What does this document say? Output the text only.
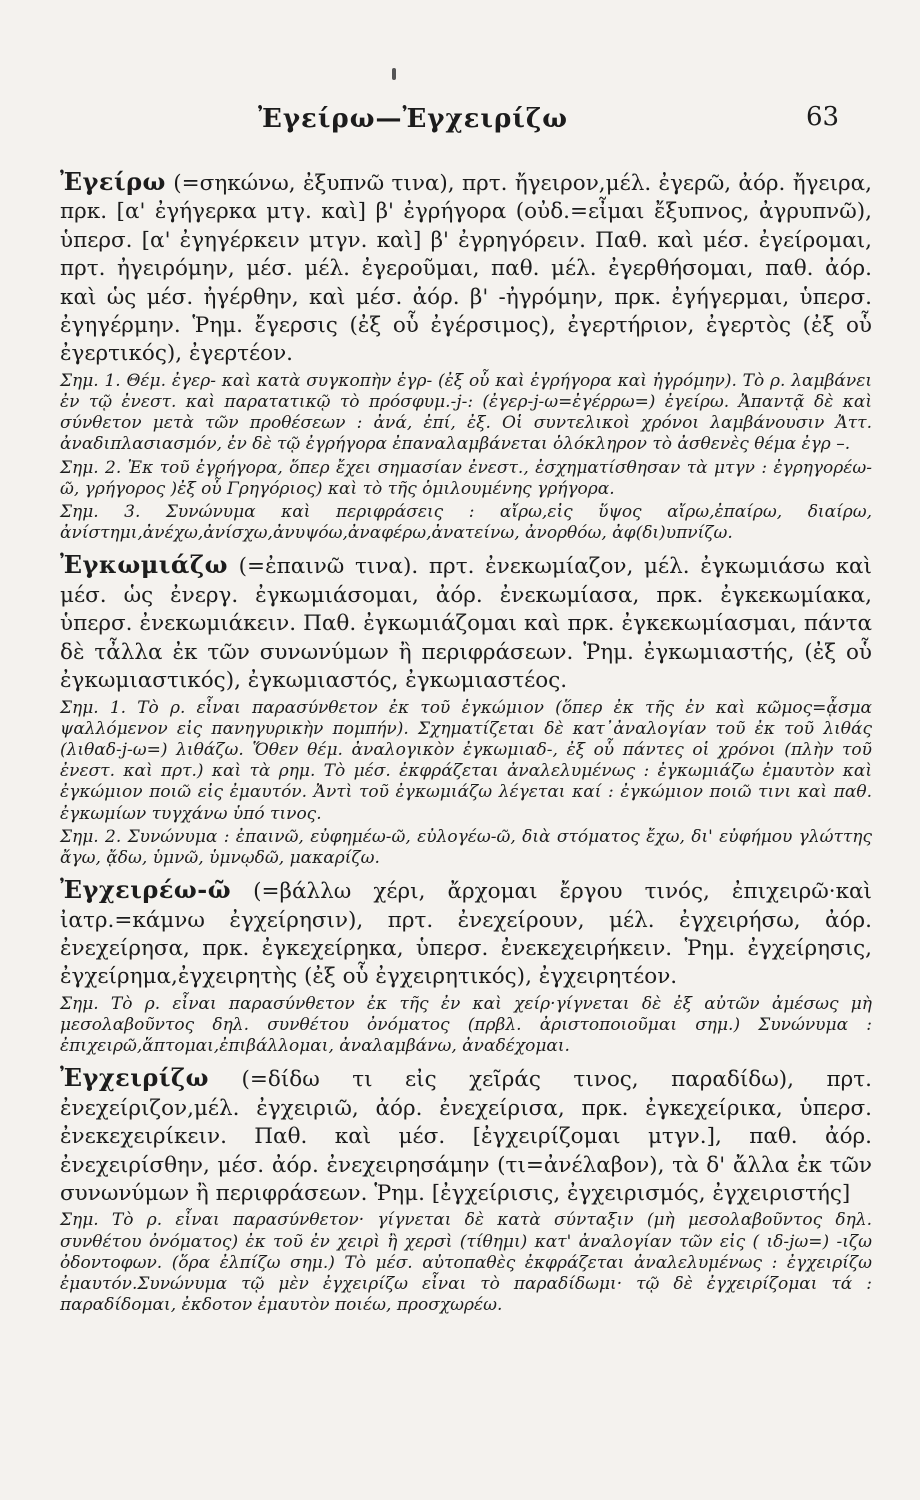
Ἐγείρω—Ἐγχειρίζω	63
Ἐγείρω (=σηκώνω, ἐξυπνῶ τινα), πρτ. ἤγειρον,μέλ. ἐγερῶ, ἀόρ. ἤγειρα, πρκ. [α' ἐγήγερκα μτγ. καὶ] β' ἐγρήγορα (οὐδ.=εἶμαι ἔξυπνος, ἀγρυπνῶ), ὑπερσ. [α' ἐγηγέρκειν μτγν. καὶ] β' ἐγρηγόρειν. Παθ. καὶ μέσ. ἐγείρομαι, πρτ. ἠγειρόμην, μέσ. μέλ. ἐγεροῦμαι, παθ. μέλ. ἐγερθήσομαι, παθ. ἀόρ. καὶ ὡς μέσ. ἠγέρθην, καὶ μέσ. ἀόρ. β' -ἠγρόμην, πρκ. ἐγήγερμαι, ὑπερσ. ἐγηγέρμην. Ῥημ. ἔγερσις (ἐξ οὗ ἐγέρσιμος), ἐγερτήριον, ἐγερτὸς (ἐξ οὗ ἐγερτικός), ἐγερτέον.
Σημ. 1. Θέμ. ἐγερ- καὶ κατὰ συγκοπὴν ἐγρ- (ἐξ οὗ καὶ ἐγρήγορα καὶ ἠγρόμην). Τὸ ρ. λαμβάνει ἐν τῷ ἐνεστ. καὶ παρατατικῷ τὸ πρόσφυμ.-j-: (ἐγερ-j-ω=ἐγέρρω=) ἐγείρω. Ἀπαντᾷ δὲ καὶ σύνθετον μετὰ τῶν προθέσεων : ἀνά, ἐπί, ἐξ. Οἱ συντελικοὶ χρόνοι λαμβάνουσιν Ἀττ. ἀναδιπλασιασμόν, ἐν δὲ τῷ ἐγρήγορα ἐπαναλαμβάνεται ὁλόκληρον τὸ ἀσθενὲς θέμα ἐγρ –.
Σημ. 2. Ἐκ τοῦ ἐγρήγορα, ὅπερ ἔχει σημασίαν ἐνεστ., ἐσχηματίσθησαν τὰ μτγν : ἐγρηγορέω-ῶ, γρήγορος )ἐξ οὗ Γρηγόριος) καὶ τὸ τῆς ὁμιλουμένης γρήγορα.
Σημ. 3. Συνώνυμα καὶ περιφράσεις : αἴρω,εἰς ὕψος αἴρω,ἐπαίρω, διαίρω, ἀνίστημι,ἀνέχω,ἀνίσχω,ἀνυψόω,ἀναφέρω,ἀνατείνω, ἀνορθόω, ἀφ(δι)υπνίζω.
Ἐγκωμιάζω (=ἐπαινῶ τινα). πρτ. ἐνεκωμίαζον, μέλ. ἐγκωμιάσω καὶ μέσ. ὡς ἐνεργ. ἐγκωμιάσομαι, ἀόρ. ἐνεκωμίασα, πρκ. ἐγκεκωμίακα, ὑπερσ. ἐνεκωμιάκειν. Παθ. ἐγκωμιάζομαι καὶ πρκ. ἐγκεκωμίασμαι, πάντα δὲ τἆλλα ἐκ τῶν συνωνύμων ἢ περιφράσεων. Ῥημ. ἐγκωμιαστής, (ἐξ οὗ ἐγκωμιαστικός), ἐγκωμιαστός, ἐγκωμιαστέος.
Σημ. 1. Τὸ ρ. εἶναι παρασύνθετον ἐκ τοῦ ἐγκώμιον (ὅπερ ἐκ τῆς ἐν καὶ κῶμος=ᾆσμα ψαλλόμενον εἰς πανηγυρικὴν πομπήν). Σχηματίζεται δὲ κατ᾽ἀναλογίαν τοῦ ἐκ τοῦ λιθάς (λιθαδ-j-ω=) λιθάζω. Ὅθεν θέμ. ἀναλογικὸν ἐγκωμιαδ-, ἐξ οὗ πάντες οἱ χρόνοι (πλὴν τοῦ ἐνεστ. καὶ πρτ.) καὶ τὰ ρημ. Τὸ μέσ. ἐκφράζεται ἀναλελυμένως : ἐγκωμιάζω ἐμαυτὸν καὶ ἐγκώμιον ποιῶ εἰς ἐμαυτόν. Ἀντὶ τοῦ ἐγκωμιάζω λέγεται καί : ἐγκώμιον ποιῶ τινι καὶ παθ. ἐγκωμίων τυγχάνω ὑπό τινος.
Σημ. 2. Συνώνυμα : ἐπαινῶ, εὐφημέω-ῶ, εὐλογέω-ῶ, διὰ στόματος ἔχω, δι' εὐφήμου γλώττης ἄγω, ᾄδω, ὑμνῶ, ὑμνῳδῶ, μακαρίζω.
Ἐγχειρέω-ῶ (=βάλλω χέρι, ἄρχομαι ἔργου τινός, ἐπιχειρῶ·καὶ ἰατρ.=κάμνω ἐγχείρησιν), πρτ. ἐνεχείρουν, μέλ. ἐγχειρήσω, ἀόρ. ἐνεχείρησα, πρκ. ἐγκεχείρηκα, ὑπερσ. ἐνεκεχειρήκειν. Ῥημ. ἐγχείρησις, ἐγχείρημα,ἐγχειρητὴς (ἐξ οὗ ἐγχειρητικός), ἐγχειρητέον.
Σημ. Τὸ ρ. εἶναι παρασύνθετον ἐκ τῆς ἐν καὶ χείρ·γίγνεται δὲ ἐξ αὐτῶν ἀμέσως μὴ μεσολαβοῦντος δηλ. συνθέτου ὀνόματος (πρβλ. ἀριστοποιοῦμαι σημ.) Συνώνυμα : ἐπιχειρῶ,ἅπτομαι,ἐπιβάλλομαι, ἀναλαμβάνω, ἀναδέχομαι.
Ἐγχειρίζω (=δίδω τι εἰς χεῖράς τινος, παραδίδω), πρτ. ἐνεχείριζον,μέλ. ἐγχειριῶ, ἀόρ. ἐνεχείρισα, πρκ. ἐγκεχείρικα, ὑπερσ. ἐνεκεχειρίκειν. Παθ. καὶ μέσ. [ἐγχειρίζομαι μτγν.], παθ. ἀόρ. ἐνεχειρίσθην, μέσ. ἀόρ. ἐνεχειρησάμην (τι=ἀνέλαβον), τὰ δ' ἄλλα ἐκ τῶν συνωνύμων ἢ περιφράσεων. Ῥημ. [ἐγχείρισις, ἐγχειρισμός, ἐγχειριστής]
Σημ. Τὸ ρ. εἶναι παρασύνθετον· γίγνεται δὲ κατὰ σύνταξιν (μὴ μεσολαβοῦντος δηλ. συνθέτου ὀνόματος) ἐκ τοῦ ἐν χειρὶ ἢ χερσὶ (τίθημι) κατ' ἀναλογίαν τῶν εἰς ( ιδ-jω=) -ιζω ὀδοντοφων. (ὅρα ἐλπίζω σημ.) Τὸ μέσ. αὐτοπαθὲς ἐκφράζεται ἀναλελυμένως : ἐγχειρίζω ἐμαυτόν.Συνώνυμα τῷ μὲν ἐγχειρίζω εἶναι τὸ παραδίδωμι· τῷ δὲ ἐγχειρίζομαι τά : παραδίδομαι, ἐκδοτον ἐμαυτὸν ποιέω, προσχωρέω.
